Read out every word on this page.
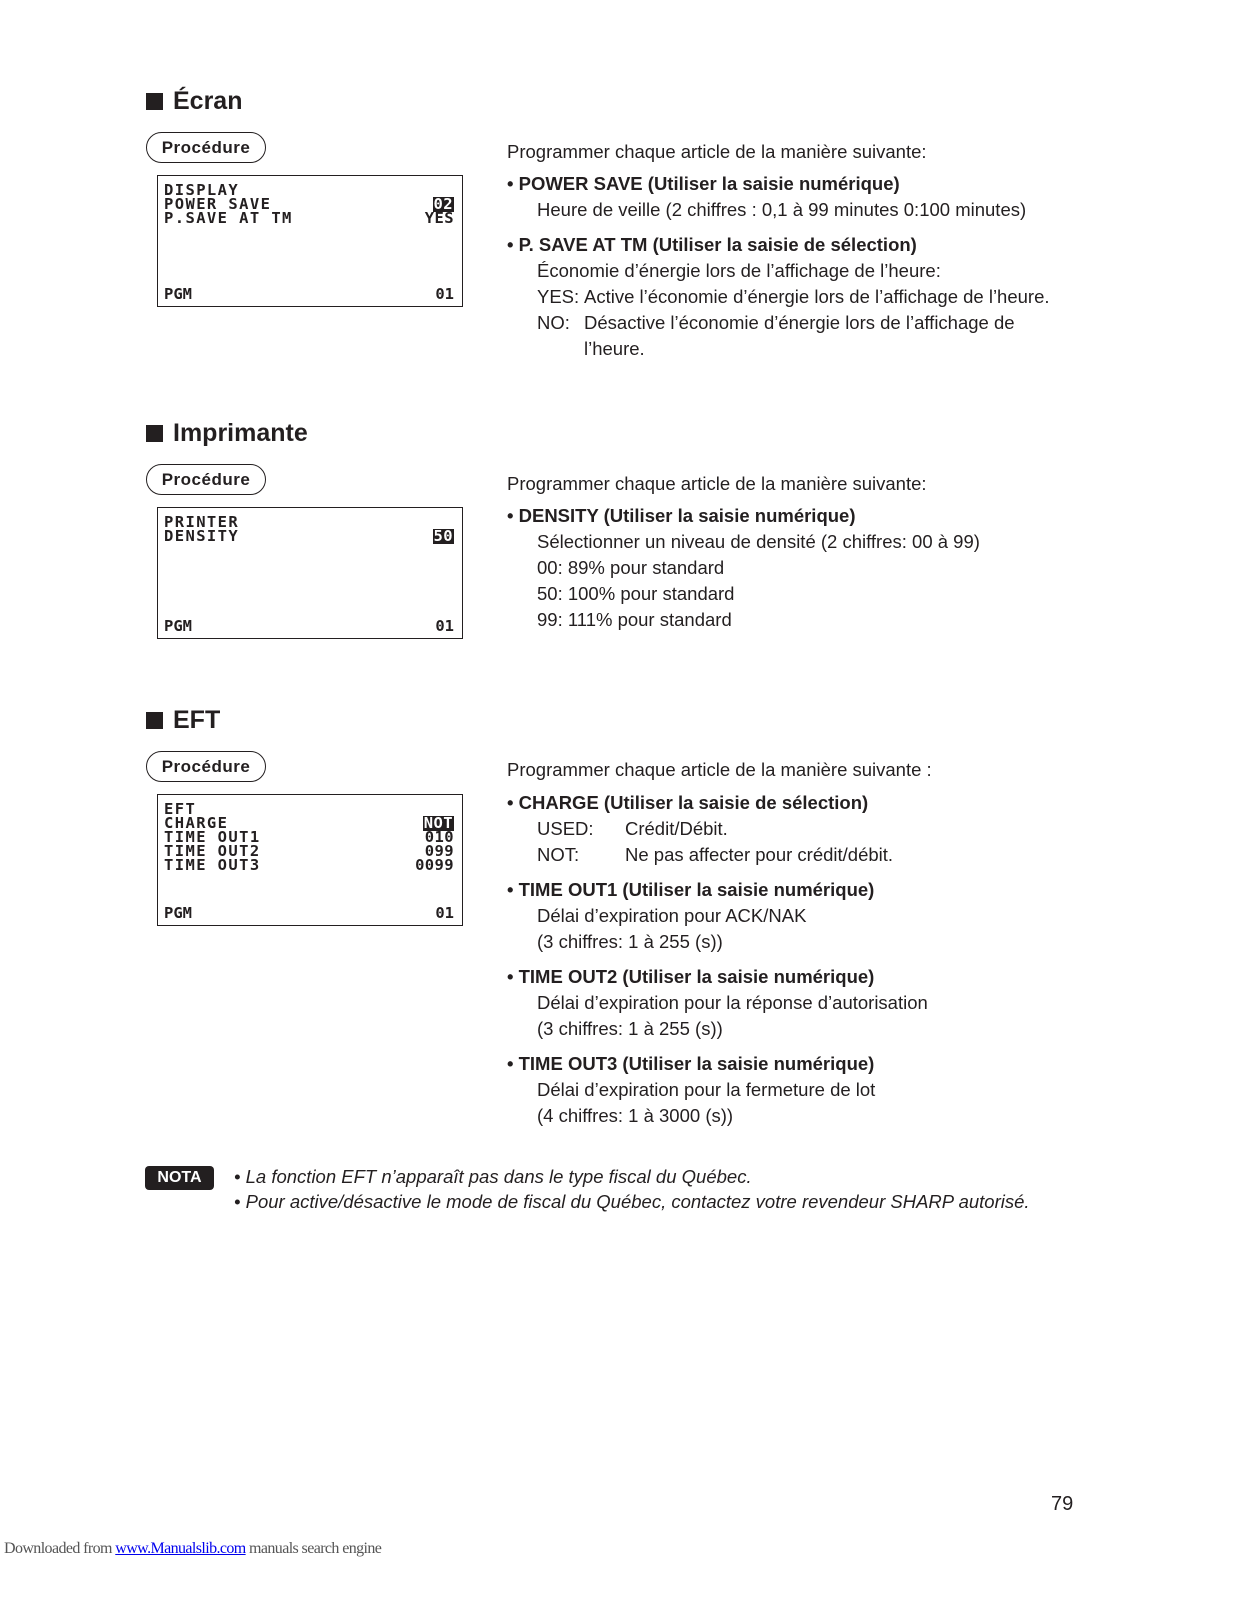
Écran
Procédure
DISPLAY
POWER SAVE	02
P.SAVE AT TM	YES
PGM	01
Programmer chaque article de la manière suivante:
• POWER SAVE (Utiliser la saisie numérique)
Heure de veille (2 chiffres : 0,1 à 99 minutes 0:100 minutes)
• P. SAVE AT TM (Utiliser la saisie de sélection)
Économie d’énergie lors de l’affichage de l’heure:
YES: Active l’économie d’énergie lors de l’affichage de l’heure.
NO: Désactive l’économie d’énergie lors de l’affichage de
l’heure.
Imprimante
Procédure
PRINTER
DENSITY	50
PGM	01
Programmer chaque article de la manière suivante:
• DENSITY (Utiliser la saisie numérique)
Sélectionner un niveau de densité (2 chiffres: 00 à 99)
00: 89% pour standard
50: 100% pour standard
99: 111% pour standard
EFT
Procédure
EFT
CHARGE	NOT
TIME OUT1	010
TIME OUT2	099
TIME OUT3	0099
PGM	01
Programmer chaque article de la manière suivante :
• CHARGE (Utiliser la saisie de sélection)
USED: Crédit/Débit.
NOT: Ne pas affecter pour crédit/débit.
• TIME OUT1 (Utiliser la saisie numérique)
Délai d’expiration pour ACK/NAK
(3 chiffres: 1 à 255 (s))
• TIME OUT2 (Utiliser la saisie numérique)
Délai d’expiration pour la réponse d’autorisation
(3 chiffres: 1 à 255 (s))
• TIME OUT3 (Utiliser la saisie numérique)
Délai d’expiration pour la fermeture de lot
(4 chiffres: 1 à 3000 (s))
NOTA	• La fonction EFT n’apparaît pas dans le type fiscal du Québec.
• Pour active/désactive le mode de fiscal du Québec, contactez votre revendeur SHARP autorisé.
79
Downloaded from www.Manualslib.com manuals search engine
